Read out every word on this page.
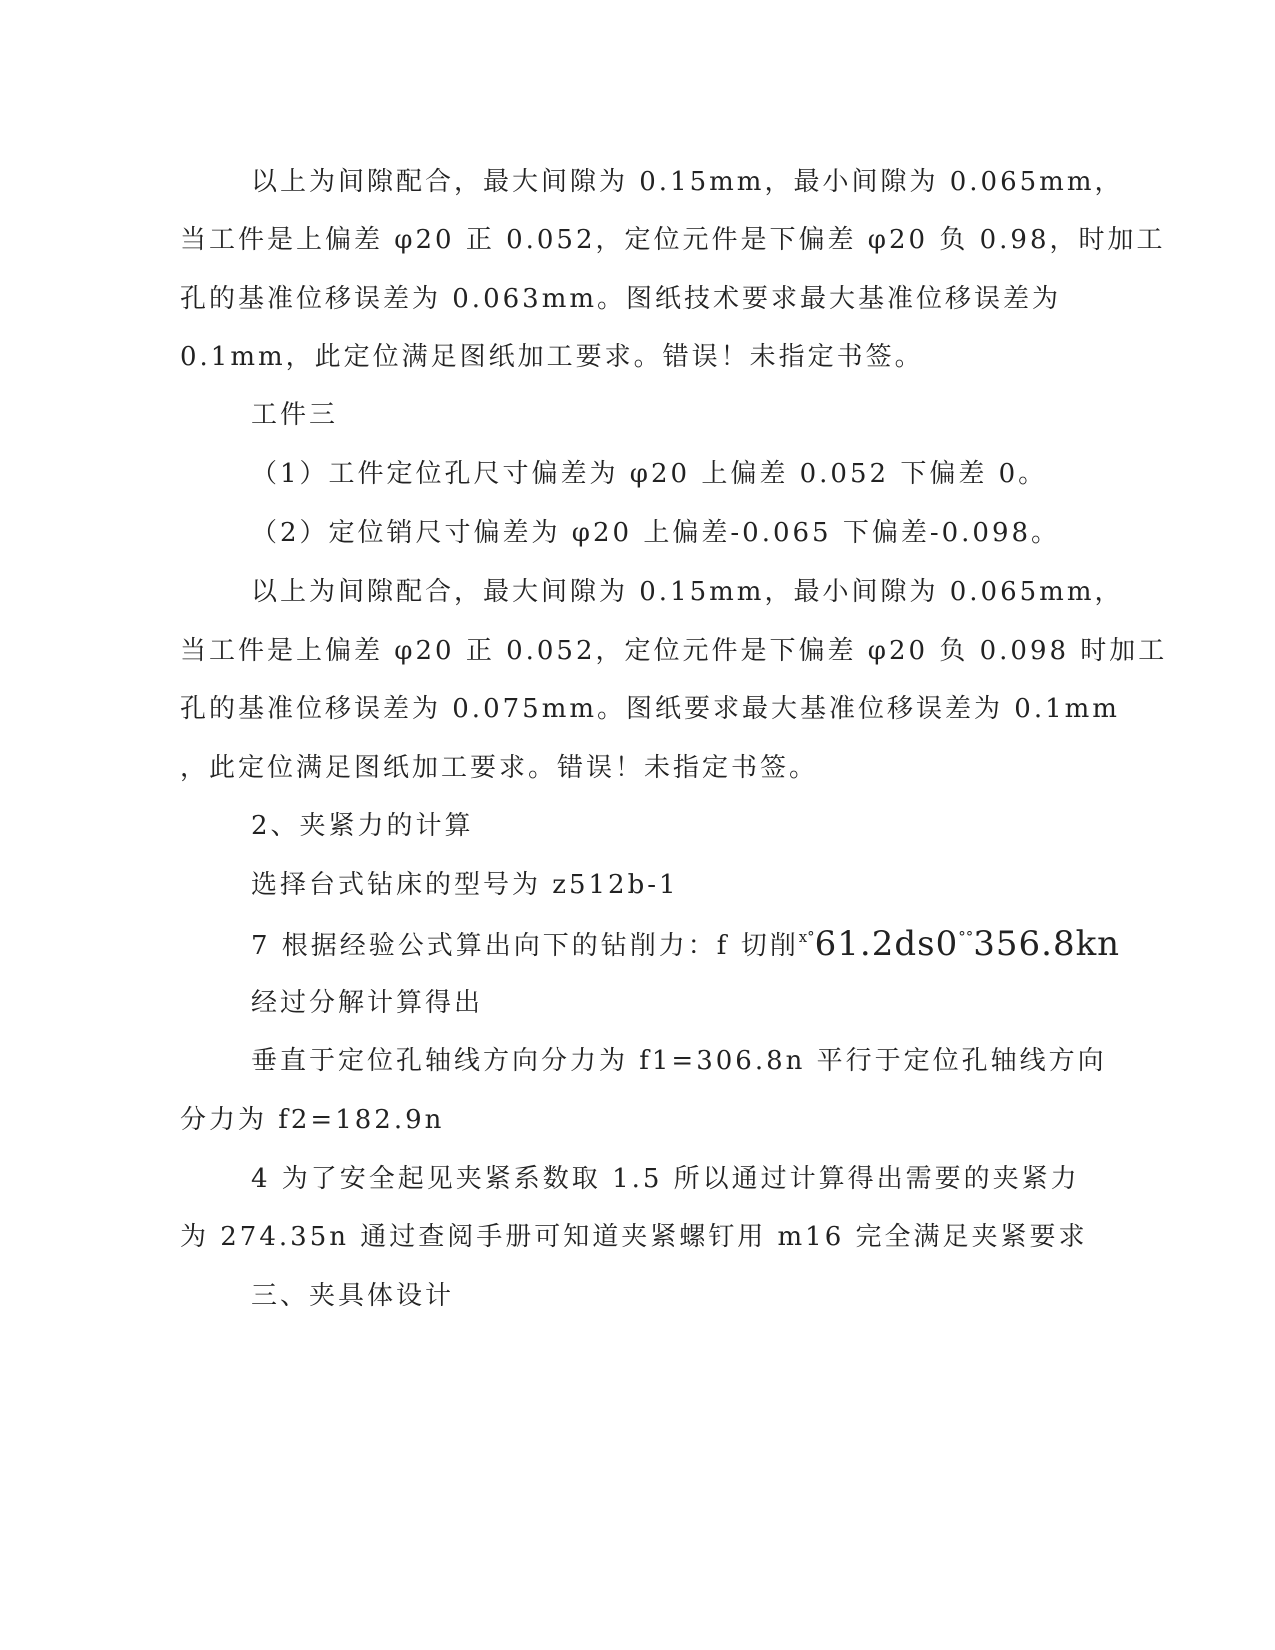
以上为间隙配合，最大间隙为 0.15mm，最小间隙为 0.065mm，
当工件是上偏差 φ20 正 0.052，定位元件是下偏差 φ20 负 0.98，时加工
孔的基准位移误差为 0.063mm。图纸技术要求最大基准位移误差为
0.1mm，此定位满足图纸加工要求。错误！未指定书签。
工件三
（1）工件定位孔尺寸偏差为 φ20 上偏差 0.052 下偏差 0。
（2）定位销尺寸偏差为 φ20 上偏差-0.065 下偏差-0.098。
以上为间隙配合，最大间隙为 0.15mm，最小间隙为 0.065mm，
当工件是上偏差 φ20 正 0.052，定位元件是下偏差 φ20 负 0.098 时加工
孔的基准位移误差为 0.075mm。图纸要求最大基准位移误差为 0.1mm
，此定位满足图纸加工要求。错误！未指定书签。
2、夹紧力的计算
选择台式钻床的型号为 z512b-1
7 根据经验公式算出向下的钻削力：f 切削$^{x^\circ}$61.2ds0°°356.8kn
经过分解计算得出
垂直于定位孔轴线方向分力为 f1=306.8n 平行于定位孔轴线方向
分力为 f2=182.9n
4 为了安全起见夹紧系数取 1.5 所以通过计算得出需要的夹紧力
为 274.35n 通过查阅手册可知道夹紧螺钉用 m16 完全满足夹紧要求
三、夹具体设计
